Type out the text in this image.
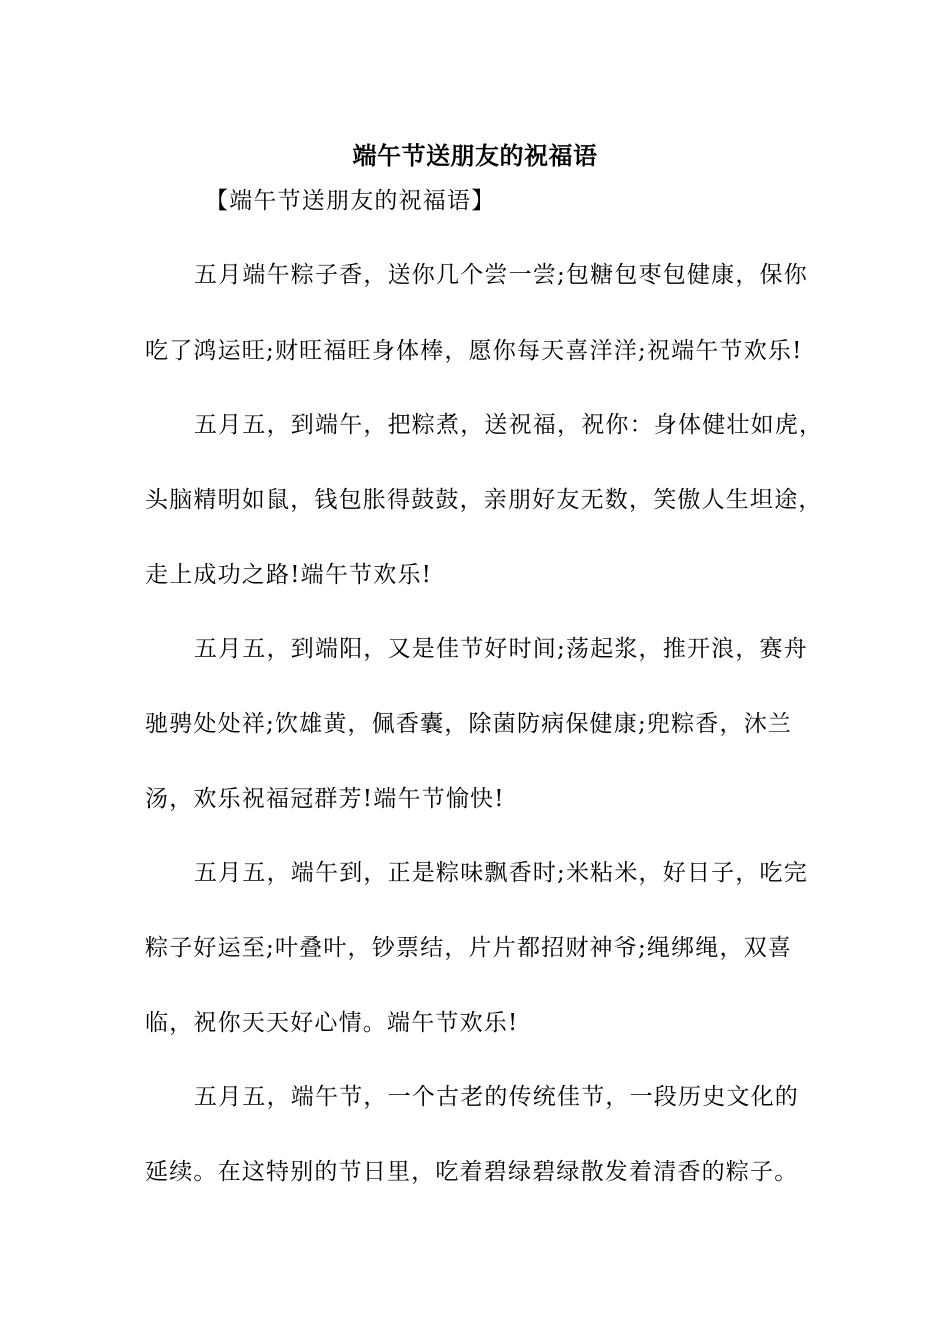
端午节送朋友的祝福语
【端午节送朋友的祝福语】
五月端午粽子香，送你几个尝一尝;包糖包枣包健康，保你
吃了鸿运旺;财旺福旺身体棒，愿你每天喜洋洋;祝端午节欢乐!
五月五，到端午，把粽煮，送祝福，祝你：身体健壮如虎，
头脑精明如鼠，钱包胀得鼓鼓，亲朋好友无数，笑傲人生坦途，
走上成功之路!端午节欢乐!
五月五，到端阳，又是佳节好时间;荡起浆，推开浪，赛舟
驰骋处处祥;饮雄黄，佩香囊，除菌防病保健康;兜粽香，沐兰
汤，欢乐祝福冠群芳!端午节愉快!
五月五，端午到，正是粽味飘香时;米粘米，好日子，吃完
粽子好运至;叶叠叶，钞票结，片片都招财神爷;绳绑绳，双喜
临，祝你天天好心情。端午节欢乐!
五月五，端午节，一个古老的传统佳节，一段历史文化的
延续。在这特别的节日里，吃着碧绿碧绿散发着清香的粽子。
